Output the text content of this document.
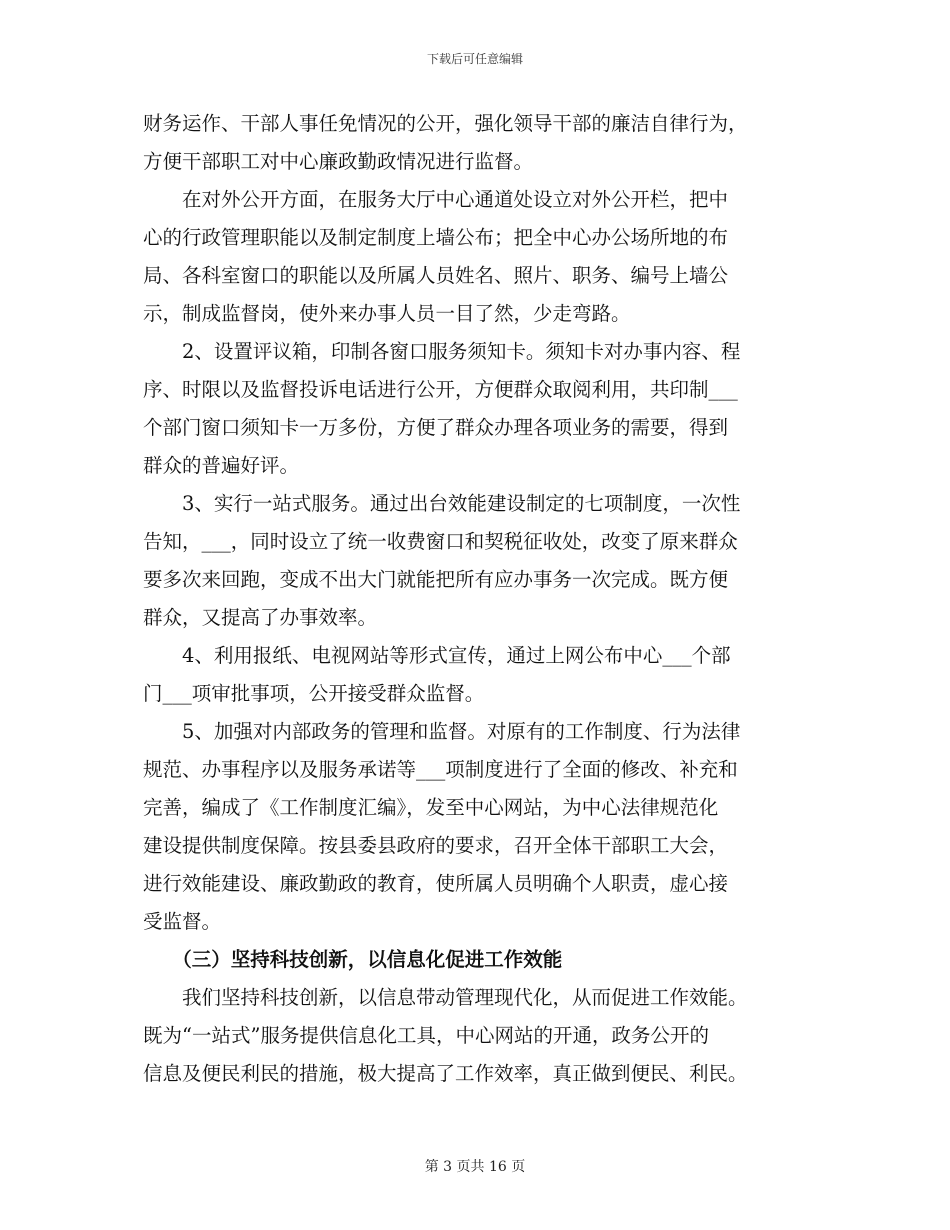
下载后可任意编辑
财务运作、干部人事任免情况的公开，强化领导干部的廉洁自律行为，
方便干部职工对中心廉政勤政情况进行监督。
　　在对外公开方面，在服务大厅中心通道处设立对外公开栏，把中
心的行政管理职能以及制定制度上墙公布；把全中心办公场所地的布
局、各科室窗口的职能以及所属人员姓名、照片、职务、编号上墙公
示，制成监督岗，使外来办事人员一目了然，少走弯路。
　　2、设置评议箱，印制各窗口服务须知卡。须知卡对办事内容、程
序、时限以及监督投诉电话进行公开，方便群众取阅利用，共印制___
个部门窗口须知卡一万多份，方便了群众办理各项业务的需要，得到
群众的普遍好评。
　　3、实行一站式服务。通过出台效能建设制定的七项制度，一次性
告知，___，同时设立了统一收费窗口和契税征收处，改变了原来群众
要多次来回跑，变成不出大门就能把所有应办事务一次完成。既方便
群众，又提高了办事效率。
　　4、利用报纸、电视网站等形式宣传，通过上网公布中心___个部
门___项审批事项，公开接受群众监督。
　　5、加强对内部政务的管理和监督。对原有的工作制度、行为法律
规范、办事程序以及服务承诺等___项制度进行了全面的修改、补充和
完善，编成了《工作制度汇编》，发至中心网站，为中心法律规范化
建设提供制度保障。按县委县政府的要求，召开全体干部职工大会，
进行效能建设、廉政勤政的教育，使所属人员明确个人职责，虚心接
受监督。
　　（三）坚持科技创新，以信息化促进工作效能
　　我们坚持科技创新，以信息带动管理现代化，从而促进工作效能。
既为“一站式”服务提供信息化工具，中心网站的开通，政务公开的
信息及便民利民的措施，极大提高了工作效率，真正做到便民、利民。
第 3 页共 16 页
